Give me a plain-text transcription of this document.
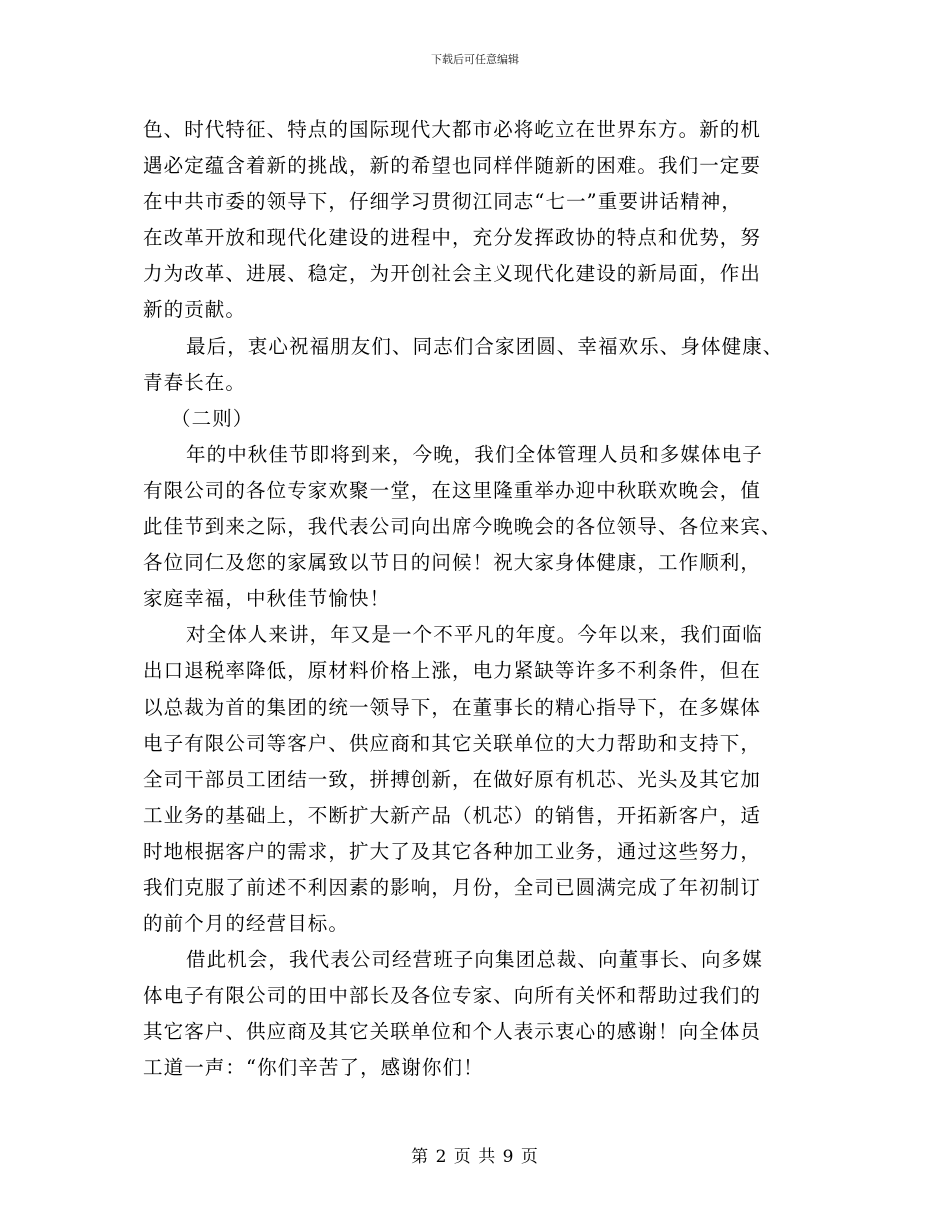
下载后可任意编辑
色、时代特征、特点的国际现代大都市必将屹立在世界东方。新的机
遇必定蕴含着新的挑战，新的希望也同样伴随新的困难。我们一定要
在中共市委的领导下，仔细学习贯彻江同志“七一”重要讲话精神，
在改革开放和现代化建设的进程中，充分发挥政协的特点和优势，努
力为改革、进展、稳定，为开创社会主义现代化建设的新局面，作出
新的贡献。
最后，衷心祝福朋友们、同志们合家团圆、幸福欢乐、身体健康、
青春长在。
（二则）
年的中秋佳节即将到来，今晚，我们全体管理人员和多媒体电子
有限公司的各位专家欢聚一堂，在这里隆重举办迎中秋联欢晚会，值
此佳节到来之际，我代表公司向出席今晚晚会的各位领导、各位来宾、
各位同仁及您的家属致以节日的问候！祝大家身体健康，工作顺利，
家庭幸福，中秋佳节愉快！
对全体人来讲，年又是一个不平凡的年度。今年以来，我们面临
出口退税率降低，原材料价格上涨，电力紧缺等许多不利条件，但在
以总裁为首的集团的统一领导下，在董事长的精心指导下，在多媒体
电子有限公司等客户、供应商和其它关联单位的大力帮助和支持下，
全司干部员工团结一致，拼搏创新，在做好原有机芯、光头及其它加
工业务的基础上，不断扩大新产品（机芯）的销售，开拓新客户，适
时地根据客户的需求，扩大了及其它各种加工业务，通过这些努力，
我们克服了前述不利因素的影响，月份，全司已圆满完成了年初制订
的前个月的经营目标。
借此机会，我代表公司经营班子向集团总裁、向董事长、向多媒
体电子有限公司的田中部长及各位专家、向所有关怀和帮助过我们的
其它客户、供应商及其它关联单位和个人表示衷心的感谢！向全体员
工道一声：“你们辛苦了，感谢你们！
第 2 页 共 9 页
